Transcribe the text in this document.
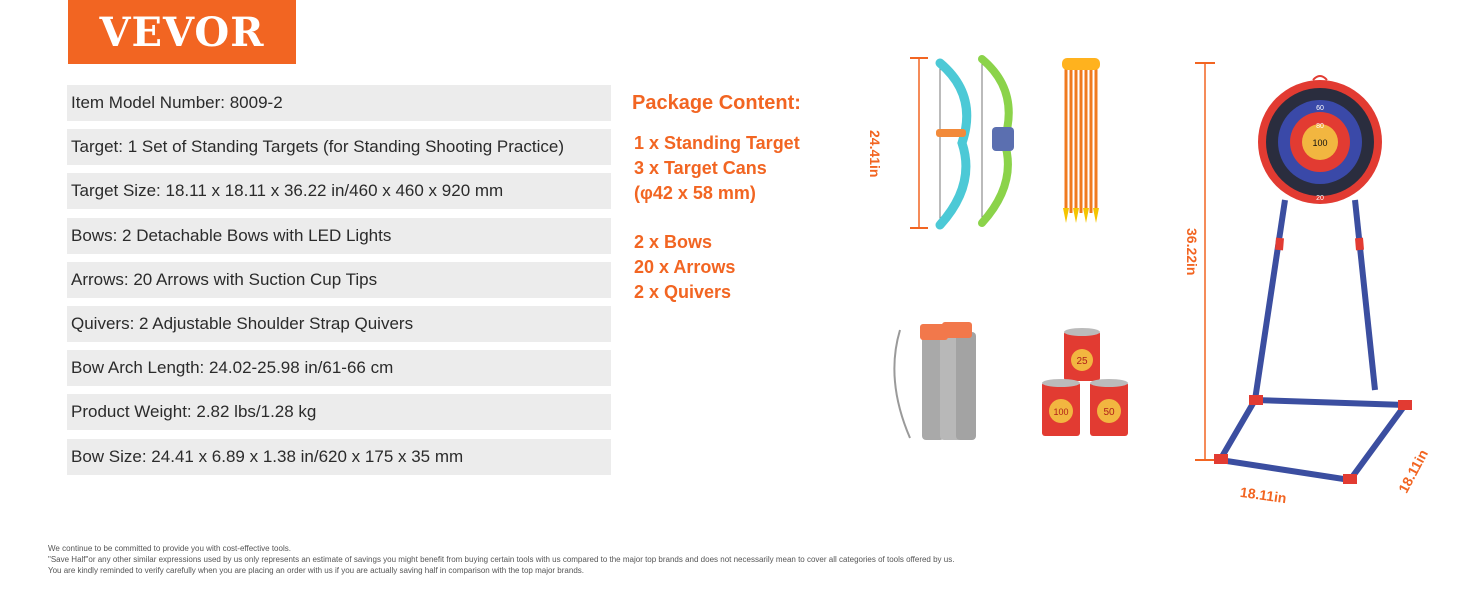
VEVOR
Item Model Number: 8009-2
Target: 1 Set of Standing Targets (for Standing Shooting Practice)
Target Size: 18.11 x 18.11 x 36.22 in/460 x 460 x 920 mm
Bows: 2 Detachable Bows with LED Lights
Arrows: 20 Arrows with Suction Cup Tips
Quivers: 2 Adjustable Shoulder Strap Quivers
Bow Arch Length: 24.02-25.98 in/61-66 cm
Product Weight: 2.82 lbs/1.28 kg
Bow Size: 24.41 x 6.89 x 1.38 in/620 x 175 x 35 mm
Package Content:
1 x Standing Target
3 x Target Cans
(φ42 x 58 mm)
2 x Bows
20 x Arrows
2 x Quivers
24.41in
25
100	50
100
80
60
20
36.22in
18.11in	18.11in
We continue to be committed to provide you with cost-effective tools.
"Save Half"or any other similar expressions used by us only represents an estimate of savings you might benefit from buying certain tools with us compared to the major top brands and does not necessarily mean to cover all categories of tools offered by us.
You are kindly reminded to verify carefully when you are placing an order with us if you are actually saving half in comparison with the top major brands.
